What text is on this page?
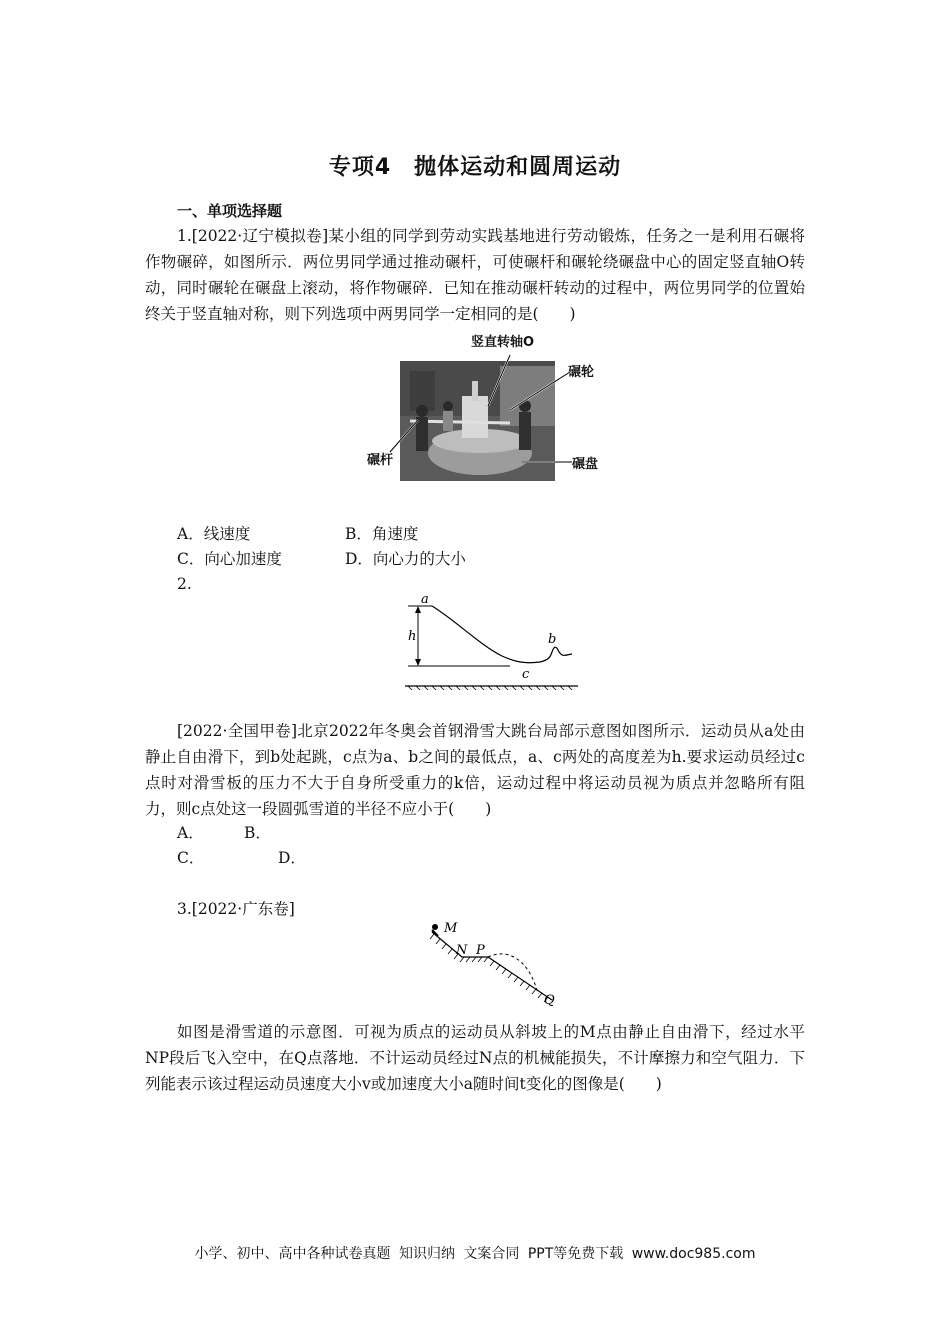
专项4　抛体运动和圆周运动
一、单项选择题
1.[2022·辽宁模拟卷]某小组的同学到劳动实践基地进行劳动锻炼，任务之一是利用石碾将作物碾碎，如图所示．两位男同学通过推动碾杆，可使碾杆和碾轮绕碾盘中心的固定竖直轴O转动，同时碾轮在碾盘上滚动，将作物碾碎．已知在推动碾杆转动的过程中，两位男同学的位置始终关于竖直轴对称，则下列选项中两男同学一定相同的是(　　)
竖直转轴O
碾轮
碾杆	碾盘
A．线速度	B．角速度
C．向心加速度	D．向心力的大小
2.
a
h	b
c
[2022·全国甲卷]北京2022年冬奥会首钢滑雪大跳台局部示意图如图所示．运动员从a处由静止自由滑下，到b处起跳，c点为a、b之间的最低点，a、c两处的高度差为h.要求运动员经过c点时对滑雪板的压力不大于自身所受重力的k倍，运动过程中将运动员视为质点并忽略所有阻力，则c点处这一段圆弧雪道的半径不应小于(　　)
A．	B．
C．	D．
3.[2022·广东卷]
M
N P
Q
如图是滑雪道的示意图．可视为质点的运动员从斜坡上的M点由静止自由滑下，经过水平NP段后飞入空中，在Q点落地．不计运动员经过N点的机械能损失，不计摩擦力和空气阻力．下列能表示该过程运动员速度大小v或加速度大小a随时间t变化的图像是(　　)
小学、初中、高中各种试卷真题 知识归纳 文案合同 PPT等免费下载 www.doc985.com
